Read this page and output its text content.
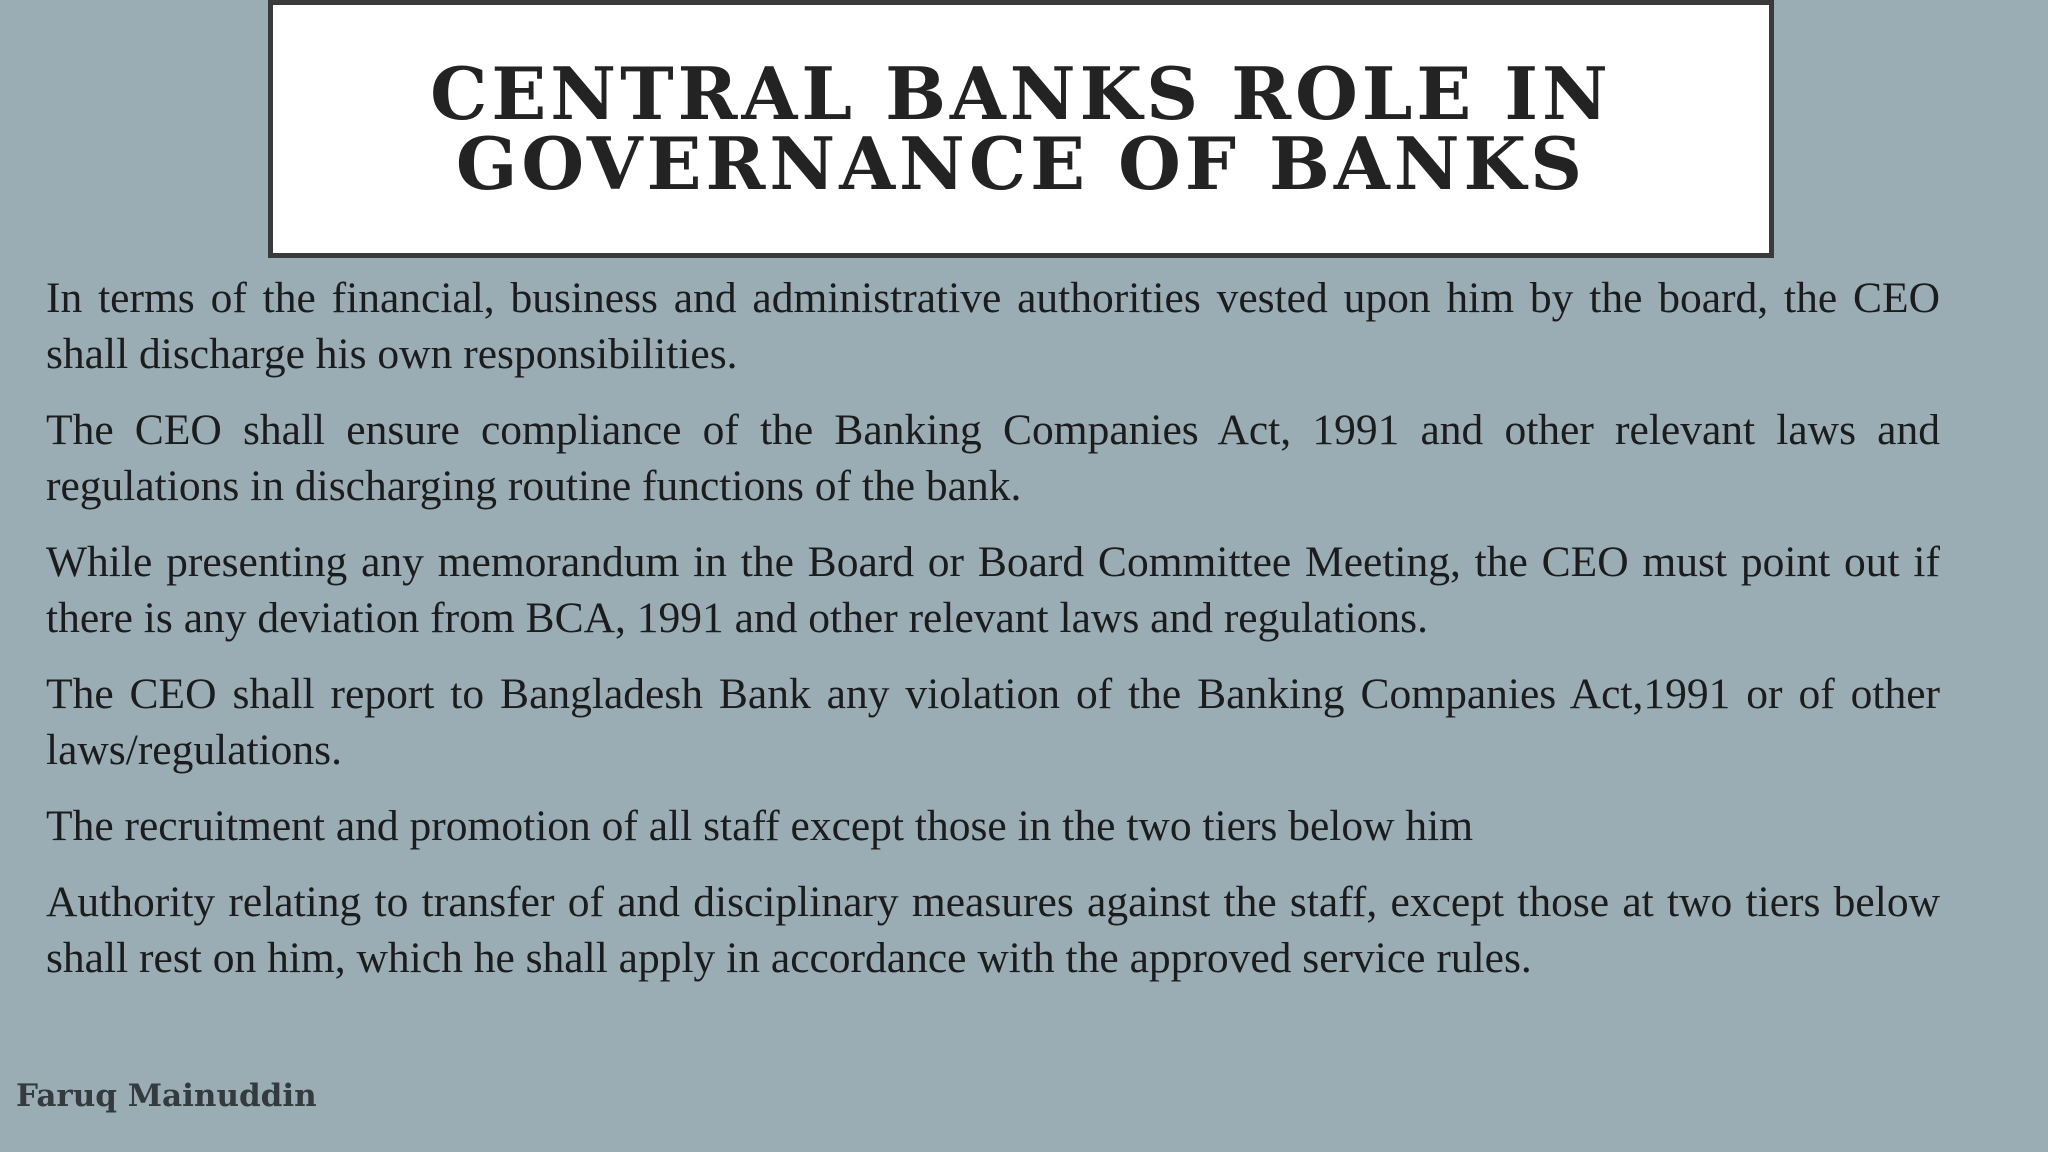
CENTRAL BANKS ROLE IN
GOVERNANCE OF BANKS

In terms of the financial, business and administrative authorities vested upon him by the board, the CEO shall discharge his own responsibilities.

The CEO shall ensure compliance of the Banking Companies Act, 1991 and other relevant laws and regulations in discharging routine functions of the bank.

While presenting any memorandum in the Board or Board Committee Meeting, the CEO must point out if there is any deviation from BCA, 1991 and other relevant laws and regulations.

The CEO shall report to Bangladesh Bank any violation of the Banking Companies Act,1991 or of other laws/regulations.

The recruitment and promotion of all staff except those in the two tiers below him

Authority relating to transfer of and disciplinary measures against the staff, except those at two tiers below shall rest on him, which he shall apply in accordance with the approved service rules.

Faruq Mainuddin
